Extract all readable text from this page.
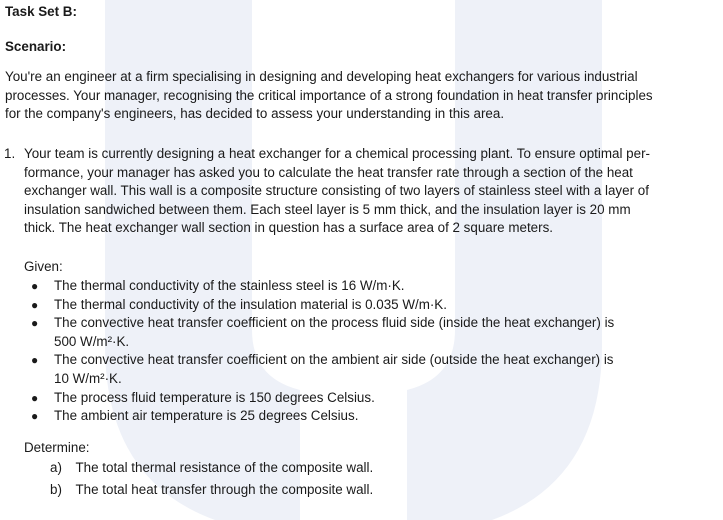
Task Set B:
Scenario:
You're an engineer at a firm specialising in designing and developing heat exchangers for various industrial
processes. Your manager, recognising the critical importance of a strong foundation in heat transfer principles
for the company's engineers, has decided to assess your understanding in this area.
1. Your team is currently designing a heat exchanger for a chemical processing plant. To ensure optimal per-
formance, your manager has asked you to calculate the heat transfer rate through a section of the heat
exchanger wall. This wall is a composite structure consisting of two layers of stainless steel with a layer of
insulation sandwiched between them. Each steel layer is 5 mm thick, and the insulation layer is 20 mm
thick. The heat exchanger wall section in question has a surface area of 2 square meters.
Given:
● The thermal conductivity of the stainless steel is 16 W/m·K.
● The thermal conductivity of the insulation material is 0.035 W/m·K.
● The convective heat transfer coefficient on the process fluid side (inside the heat exchanger) is
500 W/m²·K.
● The convective heat transfer coefficient on the ambient air side (outside the heat exchanger) is
10 W/m²·K.
● The process fluid temperature is 150 degrees Celsius.
● The ambient air temperature is 25 degrees Celsius.
Determine:
a) The total thermal resistance of the composite wall.
b) The total heat transfer through the composite wall.
